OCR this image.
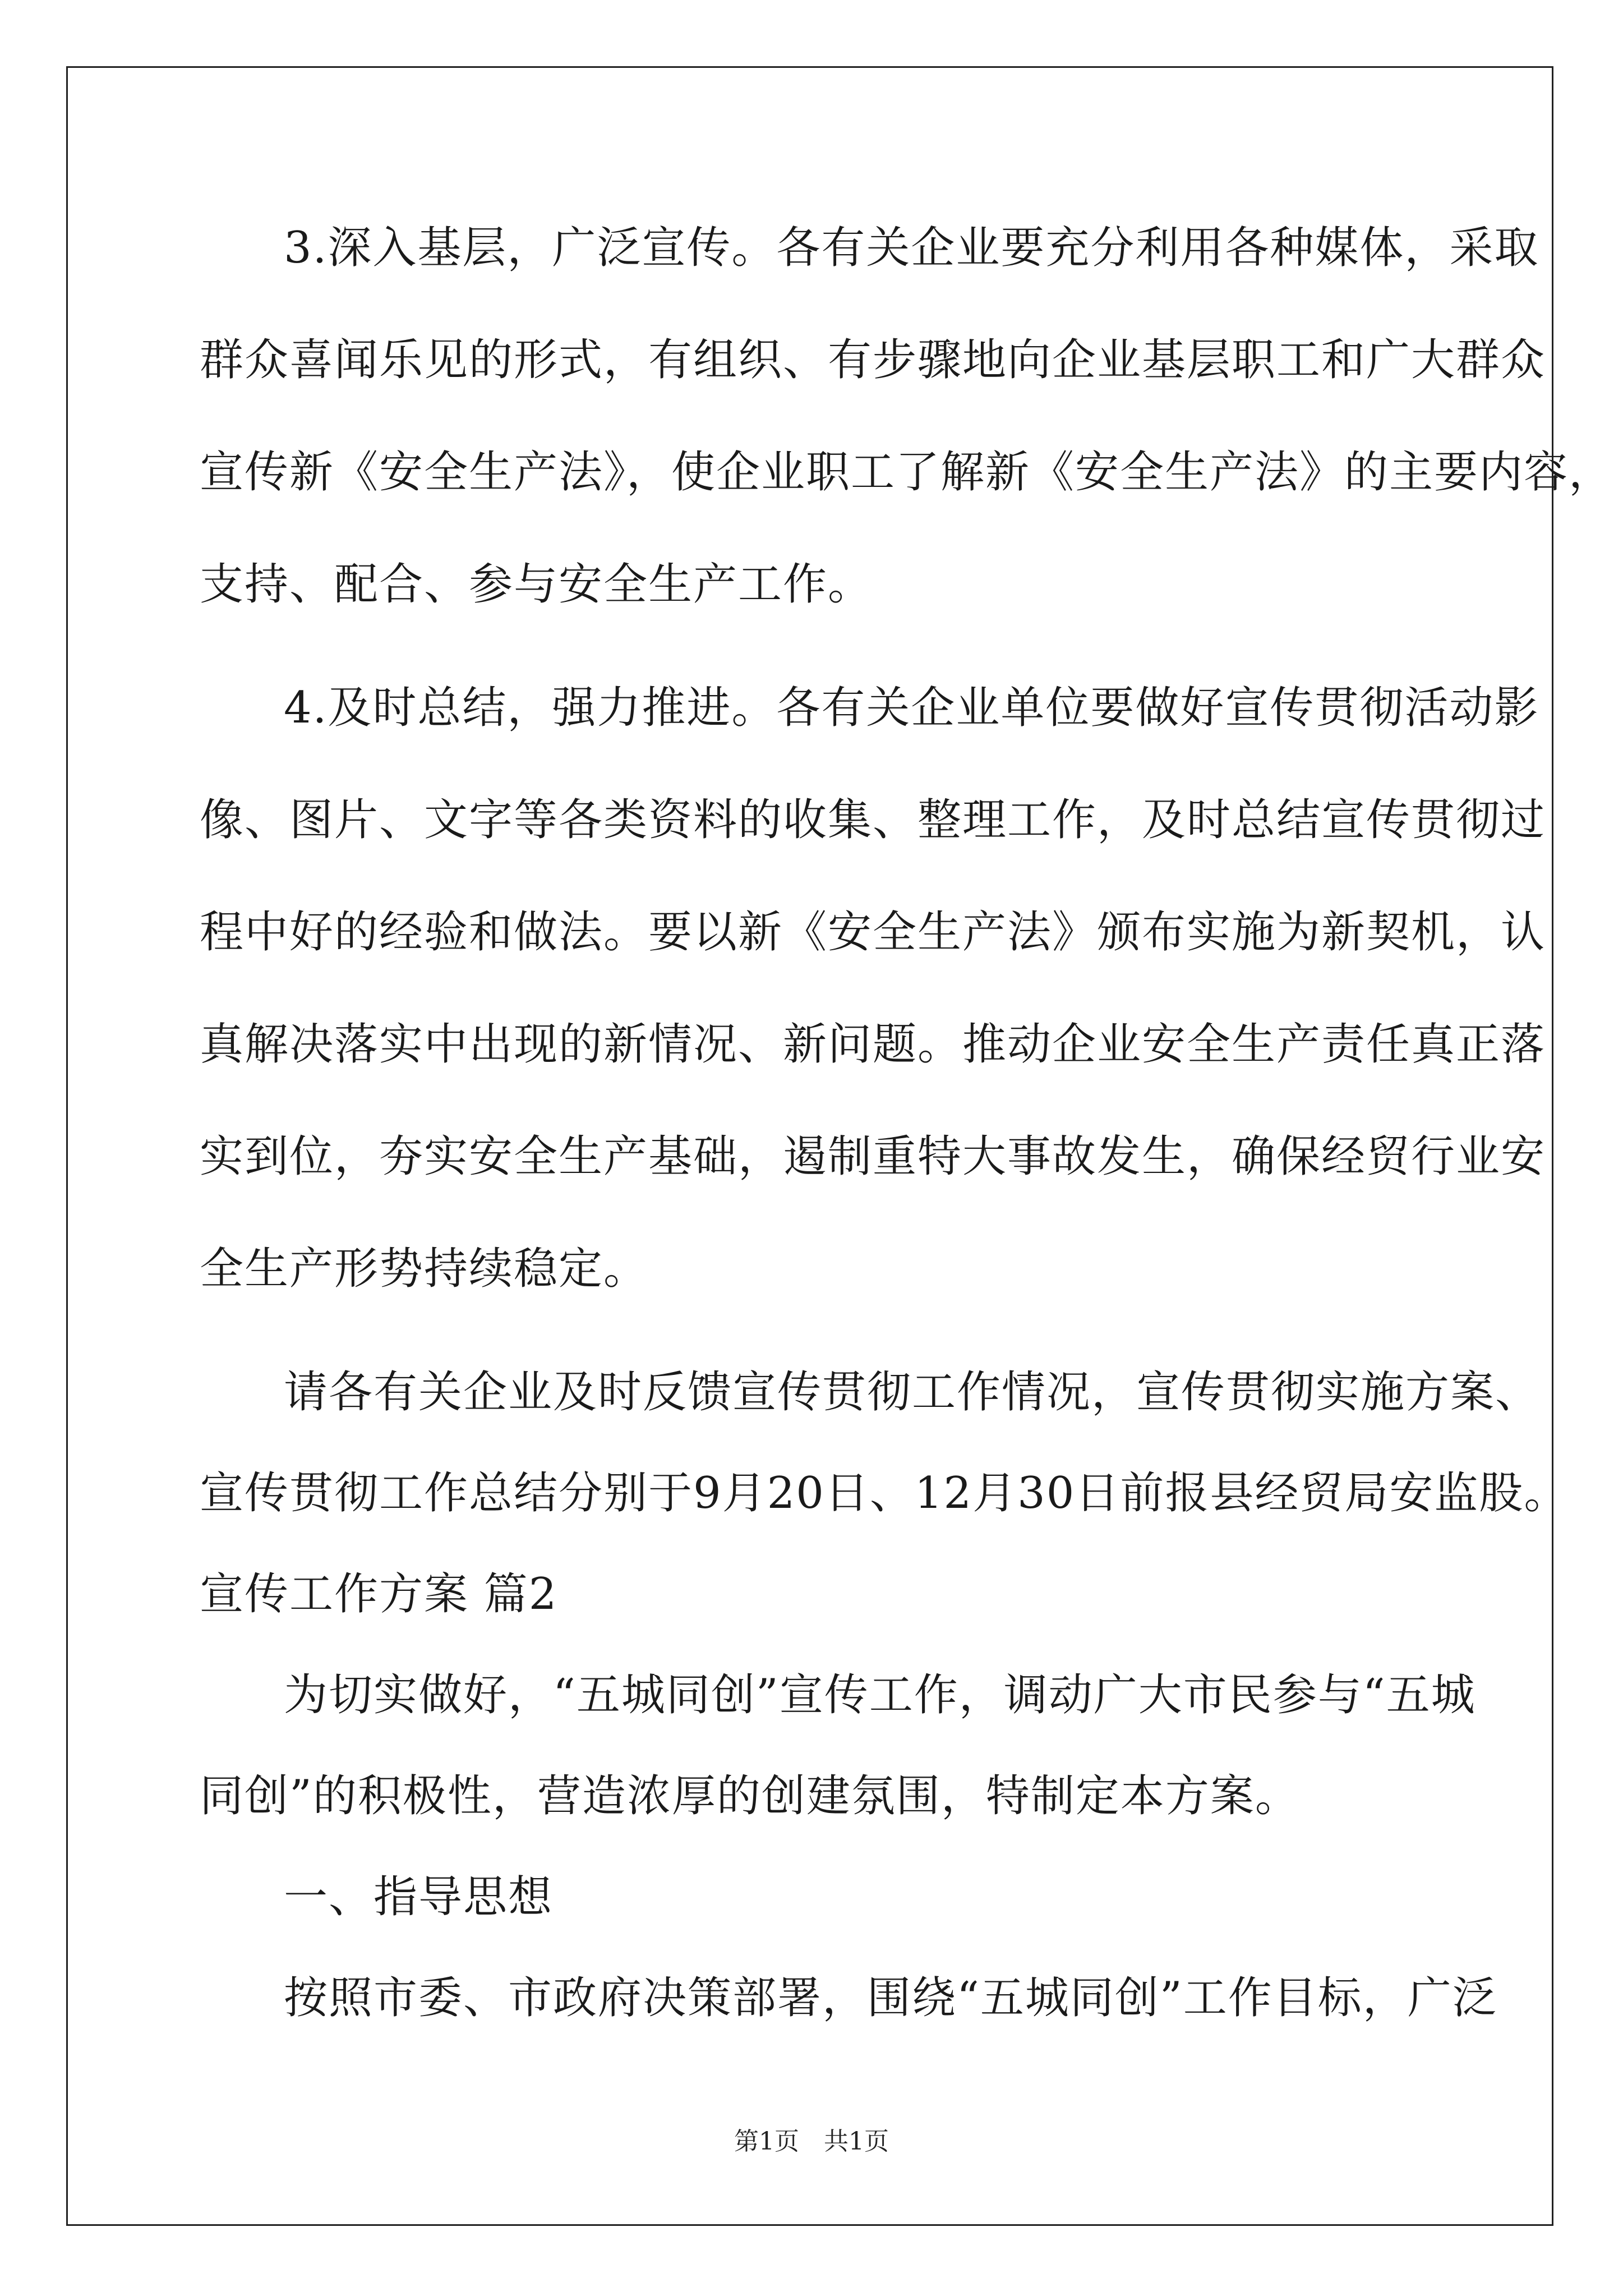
3.深入基层，广泛宣传。各有关企业要充分利用各种媒体，采取
群众喜闻乐见的形式，有组织、有步骤地向企业基层职工和广大群众
宣传新《安全生产法》，使企业职工了解新《安全生产法》的主要内容，
支持、配合、参与安全生产工作。
4.及时总结，强力推进。各有关企业单位要做好宣传贯彻活动影
像、图片、文字等各类资料的收集、整理工作，及时总结宣传贯彻过
程中好的经验和做法。要以新《安全生产法》颁布实施为新契机，认
真解决落实中出现的新情况、新问题。推动企业安全生产责任真正落
实到位，夯实安全生产基础，遏制重特大事故发生，确保经贸行业安
全生产形势持续稳定。
请各有关企业及时反馈宣传贯彻工作情况，宣传贯彻实施方案、
宣传贯彻工作总结分别于9月20日、12月30日前报县经贸局安监股。
宣传工作方案 篇2
为切实做好，“五城同创”宣传工作，调动广大市民参与“五城
同创”的积极性，营造浓厚的创建氛围，特制定本方案。
一、指导思想
按照市委、市政府决策部署，围绕“五城同创”工作目标，广泛
第1页　共1页
